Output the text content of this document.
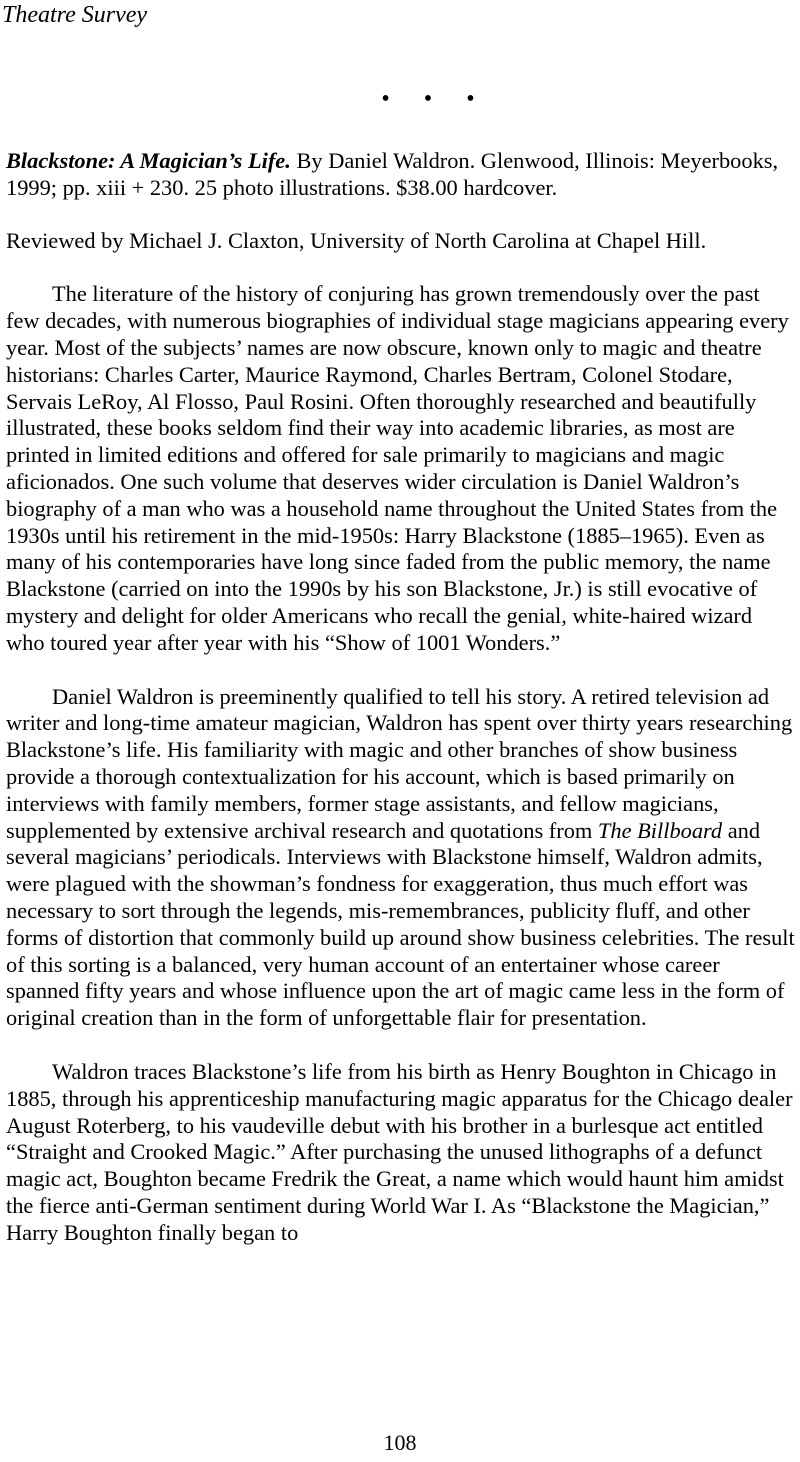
Theatre Survey
• • •

Blackstone: A Magician’s Life. By Daniel Waldron. Glenwood, Illinois: Meyerbooks, 1999; pp. xiii + 230. 25 photo illustrations. $38.00 hardcover.

Reviewed by Michael J. Claxton, University of North Carolina at Chapel Hill.

The literature of the history of conjuring has grown tremendously over the past few decades, with numerous biographies of individual stage magicians appearing every year. Most of the subjects’ names are now obscure, known only to magic and theatre historians: Charles Carter, Maurice Raymond, Charles Bertram, Colonel Stodare, Servais LeRoy, Al Flosso, Paul Rosini. Often thoroughly researched and beautifully illustrated, these books seldom find their way into academic libraries, as most are printed in limited editions and offered for sale primarily to magicians and magic aficionados. One such volume that deserves wider circulation is Daniel Waldron’s biography of a man who was a household name throughout the United States from the 1930s until his retirement in the mid-1950s: Harry Blackstone (1885–1965). Even as many of his contemporaries have long since faded from the public memory, the name Blackstone (carried on into the 1990s by his son Blackstone, Jr.) is still evocative of mystery and delight for older Americans who recall the genial, white-haired wizard who toured year after year with his “Show of 1001 Wonders.”

Daniel Waldron is preeminently qualified to tell his story. A retired television ad writer and long-time amateur magician, Waldron has spent over thirty years researching Blackstone’s life. His familiarity with magic and other branches of show business provide a thorough contextualization for his account, which is based primarily on interviews with family members, former stage assistants, and fellow magicians, supplemented by extensive archival research and quotations from The Billboard and several magicians’ periodicals. Interviews with Blackstone himself, Waldron admits, were plagued with the showman’s fondness for exaggeration, thus much effort was necessary to sort through the legends, mis-remembrances, publicity fluff, and other forms of distortion that commonly build up around show business celebrities. The result of this sorting is a balanced, very human account of an entertainer whose career spanned fifty years and whose influence upon the art of magic came less in the form of original creation than in the form of unforgettable flair for presentation.

Waldron traces Blackstone’s life from his birth as Henry Boughton in Chicago in 1885, through his apprenticeship manufacturing magic apparatus for the Chicago dealer August Roterberg, to his vaudeville debut with his brother in a burlesque act entitled “Straight and Crooked Magic.” After purchasing the unused lithographs of a defunct magic act, Boughton became Fredrik the Great, a name which would haunt him amidst the fierce anti-German sentiment during World War I. As “Blackstone the Magician,” Harry Boughton finally began to

108
